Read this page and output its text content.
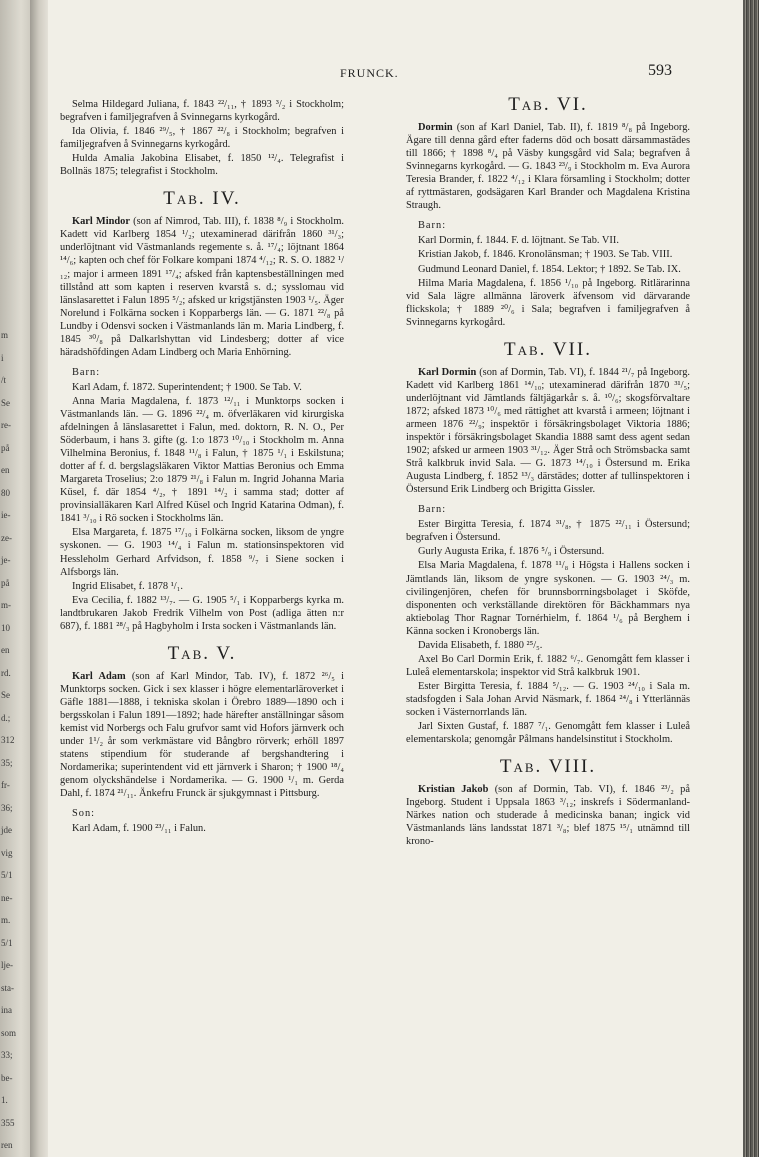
m
i
/t
Se
re-
på
en
80
ie-
ze-
je-
på
m-
10
en
rd.
Se
d.;
312
35;
fr-
36;
jde
vig
5/1
ne-
m.
5/1
lje-
sta-
ina
som
33;
be-
1.
355
ren
FRUNCK.	593

Selma Hildegard Juliana, f. 1843 ²²/₁₁, † 1893 ³/₂ i Stockholm; begrafven i familjegrafven å Svinnegarns kyrkogård.

Ida Olivia, f. 1846 ²⁹/₅, † 1867 ²²/₈ i Stockholm; begrafven i familjegrafven å Svinnegarns kyrkogård.

Hulda Amalia Jakobina Elisabet, f. 1850 ¹²/₄. Telegrafist i Bollnäs 1875; telegrafist i Stockholm.

Tab. IV.

Karl Mindor (son af Nimrod, Tab. III), f. 1838 ⁸/₉ i Stockholm. Kadett vid Karlberg 1854 ¹/₂; utexaminerad därifrån 1860 ³¹/₃; underlöjtnant vid Västmanlands regemente s. å. ¹⁷/₄; löjtnant 1864 ¹⁴/₆; kapten och chef för Folkare kompani 1874 ⁴/₁₂; R. S. O. 1882 ¹/₁₂; major i armeen 1891 ¹⁷/₄; afsked från kaptensbeställningen med tillstånd att som kapten i reserven kvarstå s. d.; sysslomau vid länslasarettet i Falun 1895 ⁵/₂; afsked ur krigstjänsten 1903 ¹/₅. Äger Norelund i Folkärna socken i Kopparbergs län. — G. 1871 ²²/₈ på Lundby i Odensvi socken i Västmanlands län m. Maria Lindberg, f. 1845 ³⁰/₈ på Dalkarlshyttan vid Lindesberg; dotter af vice häradshöfdingen Adam Lindberg och Maria Enhörning.

Barn:

Karl Adam, f. 1872. Superintendent; † 1900. Se Tab. V.

Anna Maria Magdalena, f. 1873 ¹²/₁₁ i Munktorps socken i Västmanlands län. — G. 1896 ²²/₄ m. öfverläkaren vid kirurgiska afdelningen å länslasarettet i Falun, med. doktorn, R. N. O., Per Söderbaum, i hans 3. gifte (g. 1:o 1873 ¹⁰/₁₀ i Stockholm m. Anna Vilhelmina Beronius, f. 1848 ¹¹/₈ i Falun, † 1875 ¹/₁ i Eskilstuna; dotter af f. d. bergslagsläkaren Viktor Mattias Beronius och Emma Margareta Troselius; 2:o 1879 ²¹/₈ i Falun m. Ingrid Johanna Maria Küsel, f. där 1854 ⁴/₂, † 1891 ¹⁴/₂ i samma stad; dotter af provinsialläkaren Karl Alfred Küsel och Ingrid Katarina Odman), f. 1841 ³/₁₀ i Rö socken i Stockholms län.

Elsa Margareta, f. 1875 ¹⁷/₁₀ i Folkärna socken, liksom de yngre syskonen. — G. 1903 ¹⁴/₄ i Falun m. stationsinspektoren vid Hessleholm Gerhard Arfvidson, f. 1858 ⁹/₇ i Siene socken i Alfsborgs län.

Ingrid Elisabet, f. 1878 ¹/₁.

Eva Cecilia, f. 1882 ¹³/₇. — G. 1905 ⁵/₁ i Kopparbergs kyrka m. landtbrukaren Jakob Fredrik Vilhelm von Post (adliga ätten n:r 687), f. 1881 ²⁸/₃ på Hagbyholm i Irsta socken i Västmanlands län.

Tab. V.

Karl Adam (son af Karl Mindor, Tab. IV), f. 1872 ²⁶/₅ i Munktorps socken. Gick i sex klasser i högre elementarläroverket i Gäfle 1881—1888, i tekniska skolan i Örebro 1889—1890 och i bergsskolan i Falun 1891—1892; hade härefter anställningar såsom kemist vid Norbergs och Falu grufvor samt vid Hofors järnverk och under 1¹/₂ år som verkmästare vid Bångbro rörverk; erhöll 1897 statens stipendium för studerande af bergshandtering i Nordamerika; superintendent vid ett järnverk i Sharon; † 1900 ¹⁸/₄ genom olyckshändelse i Nordamerika. — G. 1900 ¹/₁ m. Gerda Dahl, f. 1874 ²¹/₁₁. Änkefru Frunck är sjukgymnast i Pittsburg.

Son:

Karl Adam, f. 1900 ²³/₁₁ i Falun.

Tab. VI.

Dormin (son af Karl Daniel, Tab. II), f. 1819 ⁸/₈ på Ingeborg. Ägare till denna gård efter faderns död och bosatt därsammastädes till 1866; † 1898 ⁸/₄ på Väsby kungsgård vid Sala; begrafven å Svinnegarns kyrkogård. — G. 1843 ²³/₉ i Stockholm m. Eva Aurora Teresia Brander, f. 1822 ⁴/₁₂ i Klara församling i Stockholm; dotter af ryttmästaren, godsägaren Karl Brander och Magdalena Kristina Straugh.

Barn:

Karl Dormin, f. 1844. F. d. löjtnant. Se Tab. VII.

Kristian Jakob, f. 1846. Kronolänsman; † 1903. Se Tab. VIII.

Gudmund Leonard Daniel, f. 1854. Lektor; † 1892. Se Tab. IX.

Hilma Maria Magdalena, f. 1856 ¹/₁₀ på Ingeborg. Ritlärarinna vid Sala lägre allmänna läroverk äfvensom vid därvarande flickskola; † 1889 ²⁰/₆ i Sala; begrafven i familjegrafven å Svinnegarns kyrkogård.

Tab. VII.

Karl Dormin (son af Dormin, Tab. VI), f. 1844 ²¹/₇ på Ingeborg. Kadett vid Karlberg 1861 ¹⁴/₁₀; utexaminerad därifrån 1870 ³¹/₅; underlöjtnant vid Jämtlands fältjägarkår s. å. ¹⁰/₆; skogsförvaltare 1872; afsked 1873 ¹⁰/₆ med rättighet att kvarstå i armeen; löjtnant i armeen 1876 ²²/₉; inspektör i försäkringsbolaget Viktoria 1886; inspektör i försäkringsbolaget Skandia 1888 samt dess agent sedan 1902; afsked ur armeen 1903 ³¹/₁₂. Äger Strå och Strömsbacka samt Strå kalkbruk invid Sala. — G. 1873 ¹⁴/₁₀ i Östersund m. Erika Augusta Lindberg, f. 1852 ¹³/₃ därstädes; dotter af tullinspektoren i Östersund Erik Lindberg och Brigitta Gissler.

Barn:

Ester Birgitta Teresia, f. 1874 ³¹/₈, † 1875 ²²/₁₁ i Östersund; begrafven i Östersund.

Gurly Augusta Erika, f. 1876 ⁵/₉ i Östersund.

Elsa Maria Magdalena, f. 1878 ¹¹/₈ i Högsta i Hallens socken i Jämtlands län, liksom de yngre syskonen. — G. 1903 ²⁴/₃ m. civilingenjören, chefen för brunnsborrningsbolaget i Sköfde, disponenten och verkställande direktören för Bäckhammars nya aktiebolag Thor Ragnar Tornérhielm, f. 1864 ¹/₆ på Berghem i Känna socken i Kronobergs län.

Davida Elisabeth, f. 1880 ²⁵/₅.

Axel Bo Carl Dormin Erik, f. 1882 ⁶/₇. Genomgått fem klasser i Luleå elementarskola; inspektor vid Strå kalkbruk 1901.

Ester Birgitta Teresia, f. 1884 ⁵/₁₂. — G. 1903 ²⁴/₁₀ i Sala m. stadsfogden i Sala Johan Arvid Näsmark, f. 1864 ²⁴/₈ i Ytterlännäs socken i Västernorrlands län.

Jarl Sixten Gustaf, f. 1887 ⁷/₁. Genomgått fem klasser i Luleå elementarskola; genomgår Pålmans handelsinstitut i Stockholm.

Tab. VIII.

Kristian Jakob (son af Dormin, Tab. VI), f. 1846 ²³/₂ på Ingeborg. Student i Uppsala 1863 ³/₁₂; inskrefs i Södermanland-Närkes nation och studerade å medicinska banan; ingick vid Västmanlands läns landsstat 1871 ³/₈; blef 1875 ¹⁵/₁ utnämnd till krono-
